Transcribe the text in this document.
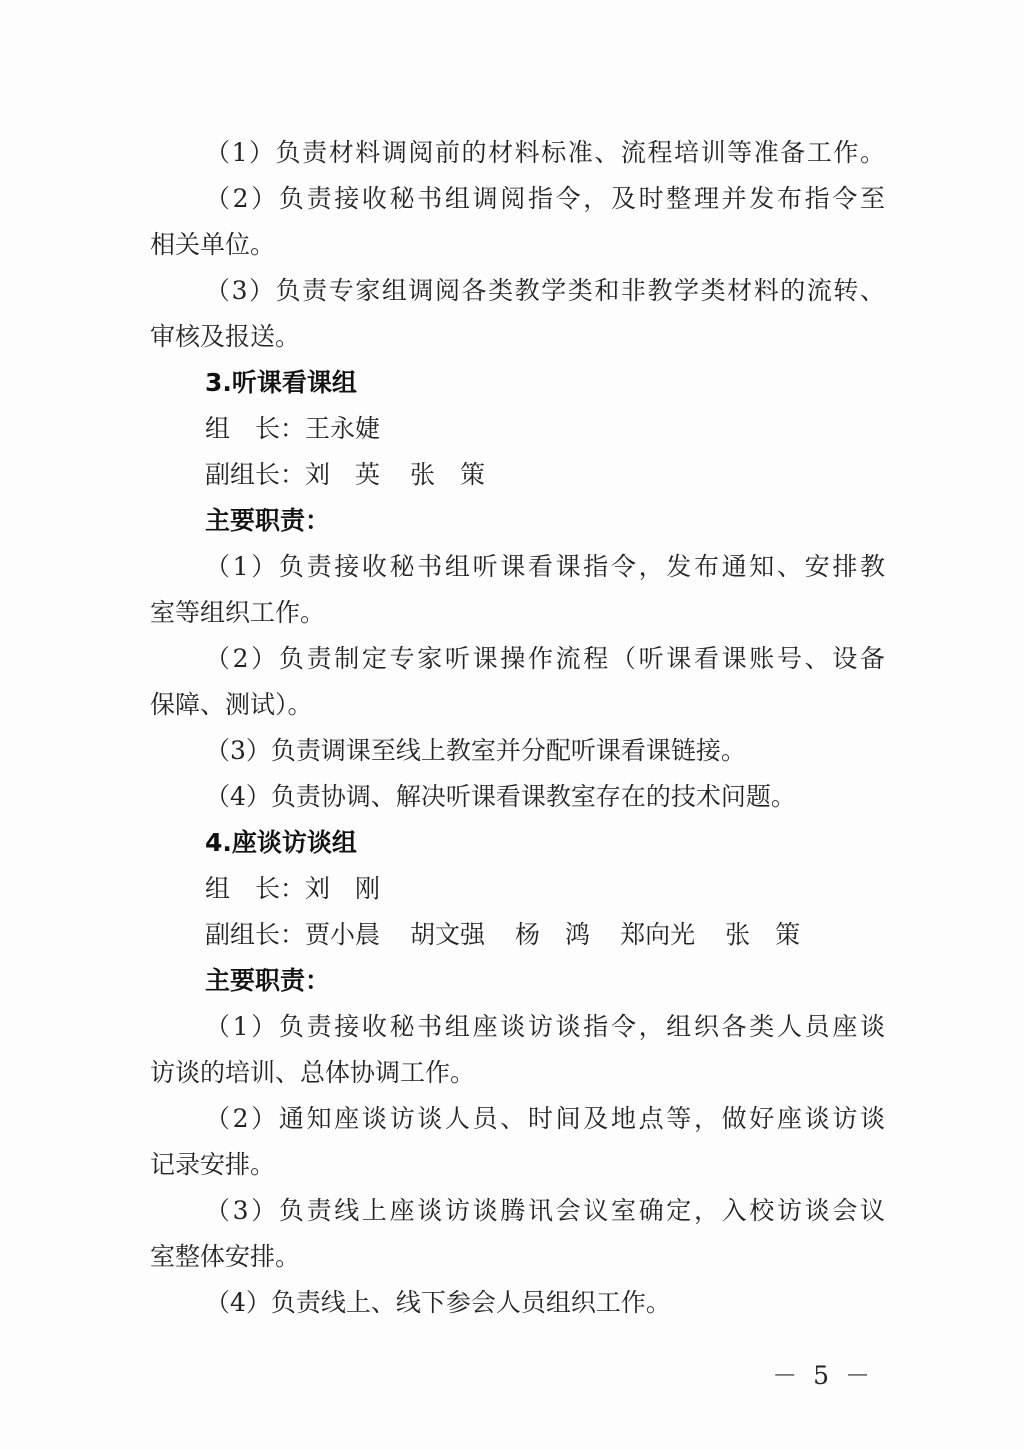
（1）负责材料调阅前的材料标准、流程培训等准备工作。
（2）负责接收秘书组调阅指令，及时整理并发布指令至
相关单位。
（3）负责专家组调阅各类教学类和非教学类材料的流转、
审核及报送。
3.听课看课组
组　长：王永婕
副组长：刘　英 张　策
主要职责：
（1）负责接收秘书组听课看课指令，发布通知、安排教
室等组织工作。
（2）负责制定专家听课操作流程（听课看课账号、设备
保障、测试）。
（3）负责调课至线上教室并分配听课看课链接。
（4）负责协调、解决听课看课教室存在的技术问题。
4.座谈访谈组
组　长：刘　刚
副组长：贾小晨 胡文强 杨　鸿 郑向光 张　策
主要职责：
（1）负责接收秘书组座谈访谈指令，组织各类人员座谈
访谈的培训、总体协调工作。
（2）通知座谈访谈人员、时间及地点等，做好座谈访谈
记录安排。
（3）负责线上座谈访谈腾讯会议室确定，入校访谈会议
室整体安排。
（4）负责线上、线下参会人员组织工作。
－ 5 －
